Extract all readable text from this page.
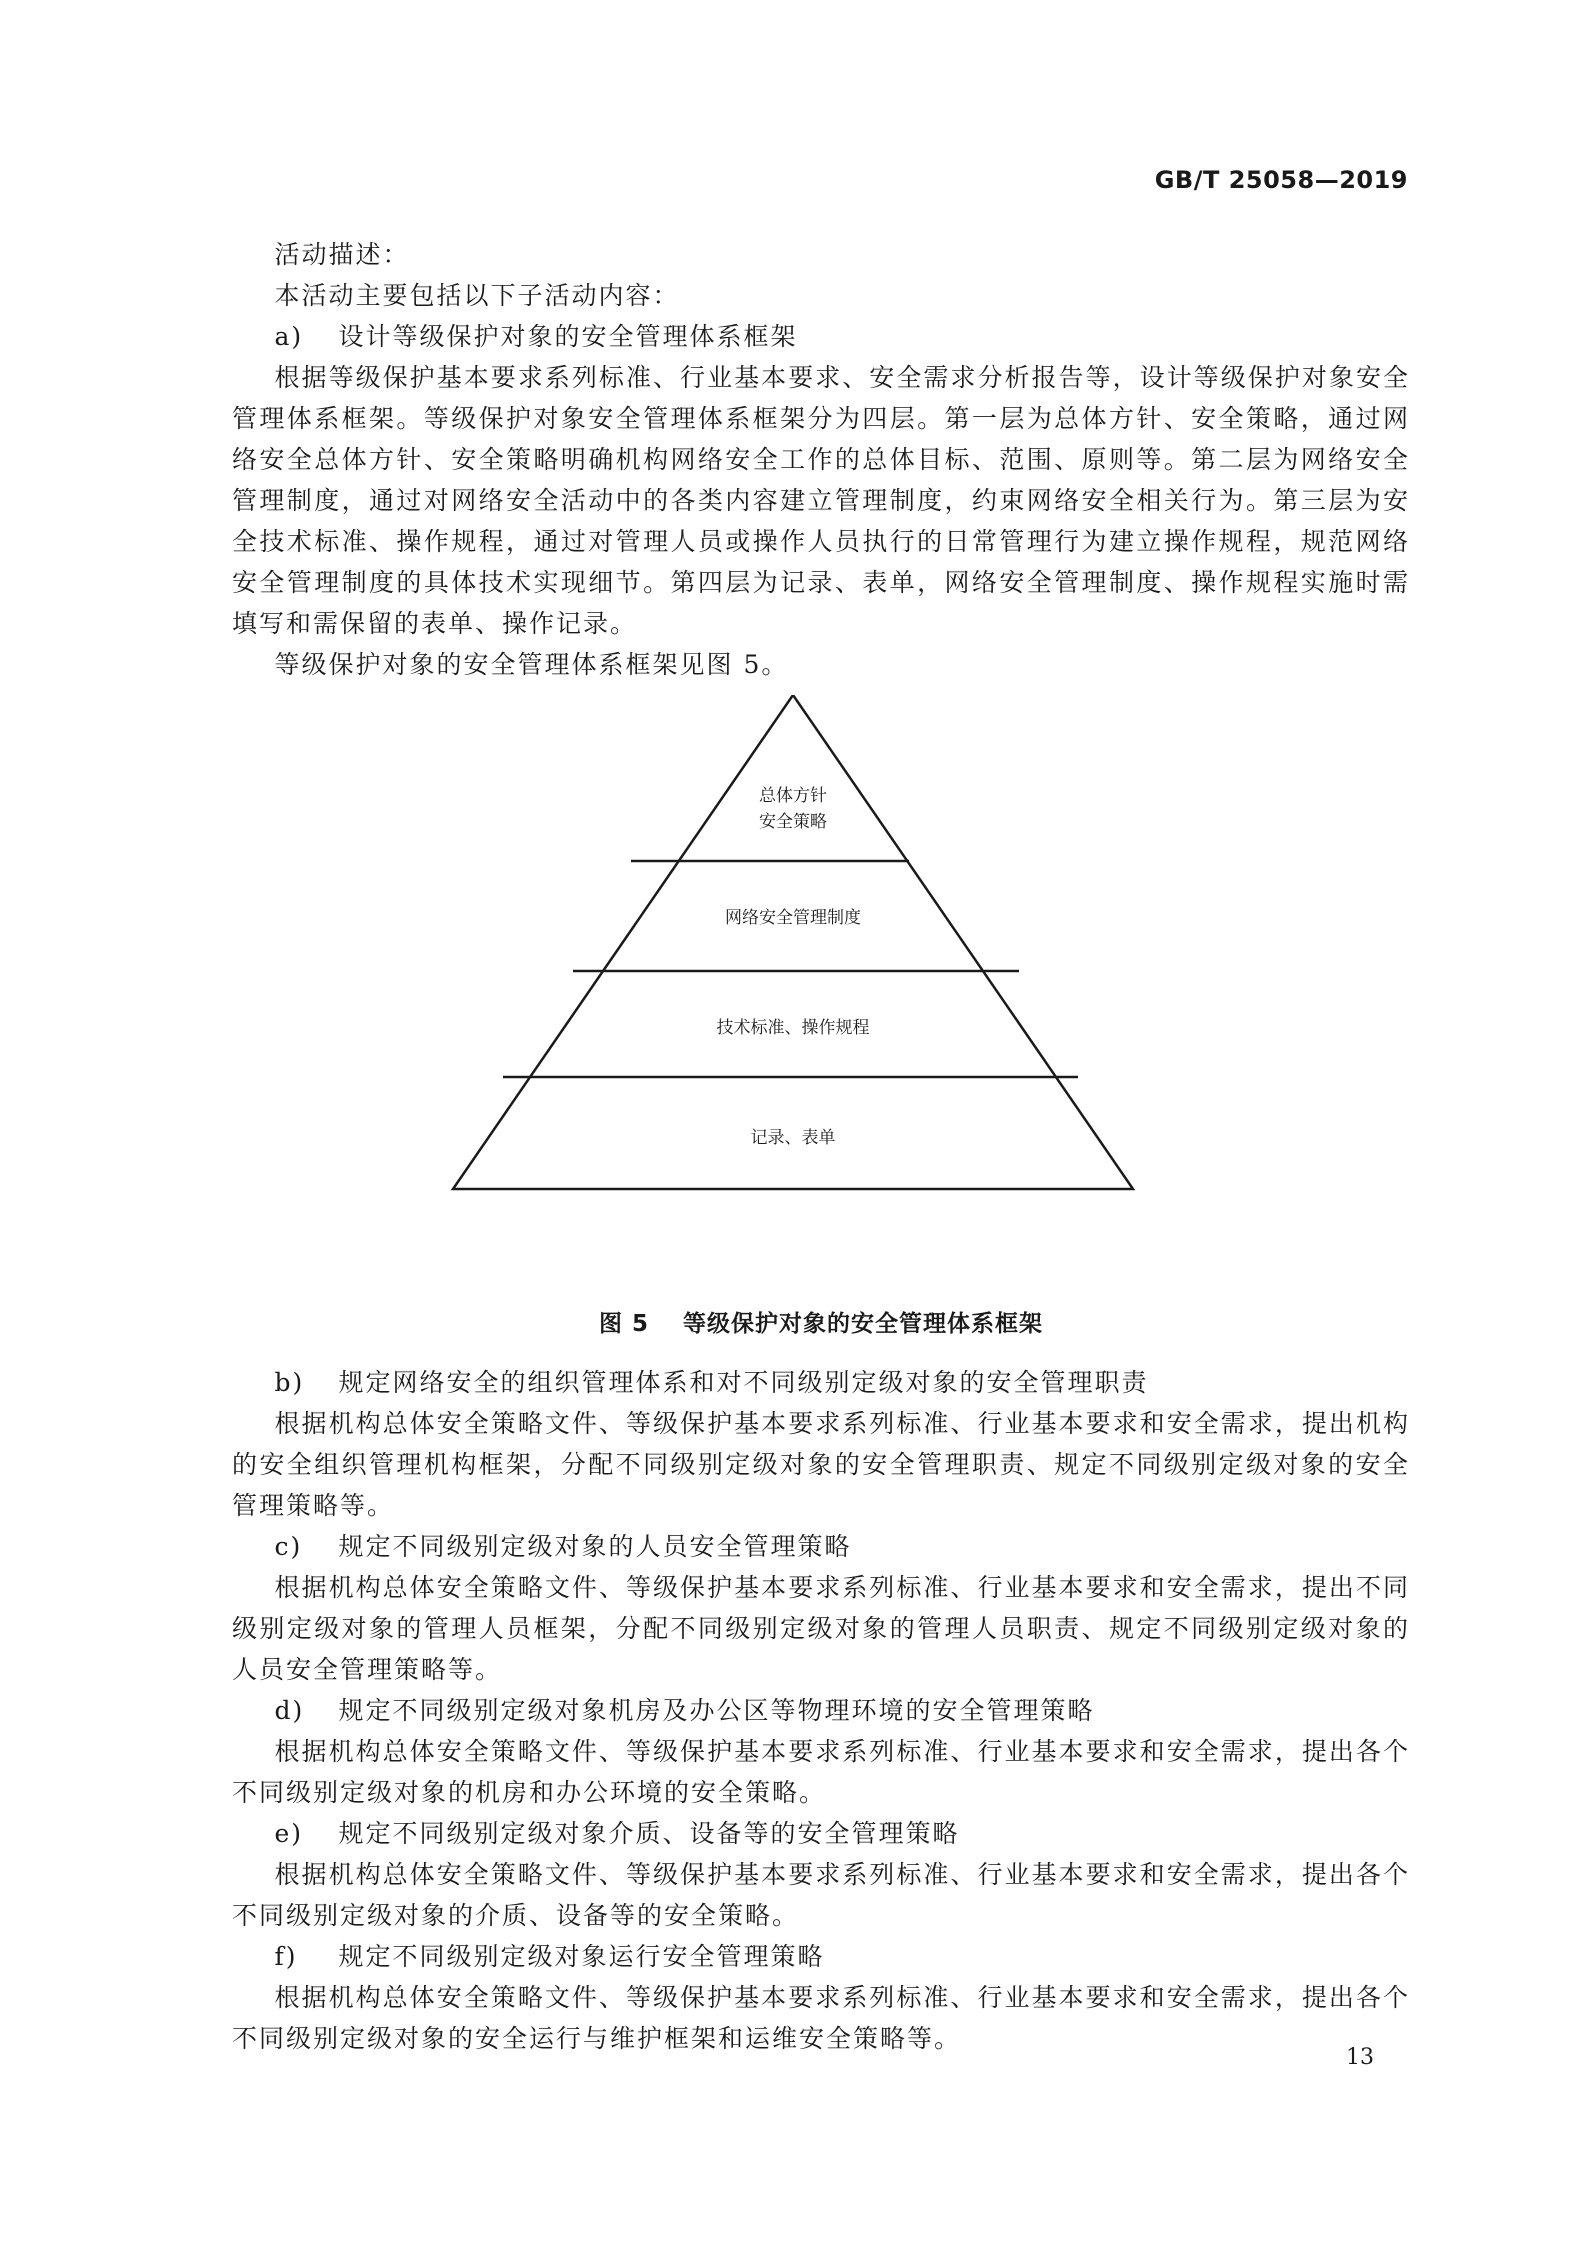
GB/T 25058—2019

活动描述：

本活动主要包括以下子活动内容：

a) 设计等级保护对象的安全管理体系框架

根据等级保护基本要求系列标准、行业基本要求、安全需求分析报告等，设计等级保护对象安全管理体系框架。等级保护对象安全管理体系框架分为四层。第一层为总体方针、安全策略，通过网络安全总体方针、安全策略明确机构网络安全工作的总体目标、范围、原则等。第二层为网络安全管理制度，通过对网络安全活动中的各类内容建立管理制度，约束网络安全相关行为。第三层为安全技术标准、操作规程，通过对管理人员或操作人员执行的日常管理行为建立操作规程，规范网络安全管理制度的具体技术实现细节。第四层为记录、表单，网络安全管理制度、操作规程实施时需填写和需保留的表单、操作记录。

等级保护对象的安全管理体系框架见图 5。

总体方针
安全策略
网络安全管理制度
技术标准、操作规程
记录、表单
图 5 等级保护对象的安全管理体系框架

b) 规定网络安全的组织管理体系和对不同级别定级对象的安全管理职责

根据机构总体安全策略文件、等级保护基本要求系列标准、行业基本要求和安全需求，提出机构的安全组织管理机构框架，分配不同级别定级对象的安全管理职责、规定不同级别定级对象的安全管理策略等。

c) 规定不同级别定级对象的人员安全管理策略

根据机构总体安全策略文件、等级保护基本要求系列标准、行业基本要求和安全需求，提出不同级别定级对象的管理人员框架，分配不同级别定级对象的管理人员职责、规定不同级别定级对象的人员安全管理策略等。

d) 规定不同级别定级对象机房及办公区等物理环境的安全管理策略

根据机构总体安全策略文件、等级保护基本要求系列标准、行业基本要求和安全需求，提出各个不同级别定级对象的机房和办公环境的安全策略。

e) 规定不同级别定级对象介质、设备等的安全管理策略

根据机构总体安全策略文件、等级保护基本要求系列标准、行业基本要求和安全需求，提出各个不同级别定级对象的介质、设备等的安全策略。

f) 规定不同级别定级对象运行安全管理策略

根据机构总体安全策略文件、等级保护基本要求系列标准、行业基本要求和安全需求，提出各个不同级别定级对象的安全运行与维护框架和运维安全策略等。

13
